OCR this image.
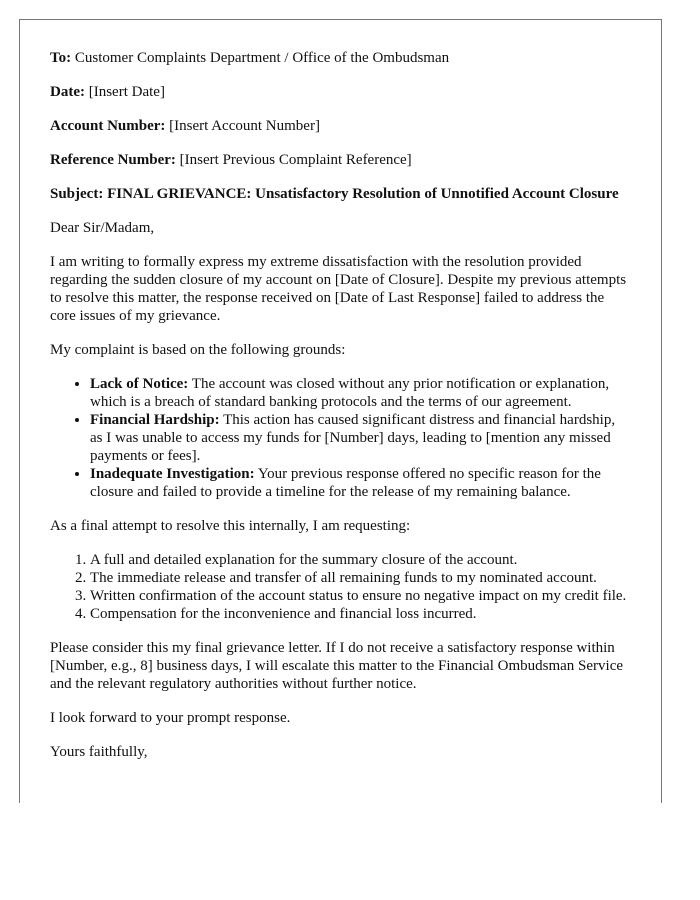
To: Customer Complaints Department / Office of the Ombudsman
Date: [Insert Date]
Account Number: [Insert Account Number]
Reference Number: [Insert Previous Complaint Reference]
Subject: FINAL GRIEVANCE: Unsatisfactory Resolution of Unnotified Account Closure
Dear Sir/Madam,
I am writing to formally express my extreme dissatisfaction with the resolution provided regarding the sudden closure of my account on [Date of Closure]. Despite my previous attempts to resolve this matter, the response received on [Date of Last Response] failed to address the core issues of my grievance.
My complaint is based on the following grounds:
• Lack of Notice: The account was closed without any prior notification or explanation, which is a breach of standard banking protocols and the terms of our agreement.
• Financial Hardship: This action has caused significant distress and financial hardship, as I was unable to access my funds for [Number] days, leading to [mention any missed payments or fees].
• Inadequate Investigation: Your previous response offered no specific reason for the closure and failed to provide a timeline for the release of my remaining balance.
As a final attempt to resolve this internally, I am requesting:
1. A full and detailed explanation for the summary closure of the account.
2. The immediate release and transfer of all remaining funds to my nominated account.
3. Written confirmation of the account status to ensure no negative impact on my credit file.
4. Compensation for the inconvenience and financial loss incurred.
Please consider this my final grievance letter. If I do not receive a satisfactory response within [Number, e.g., 8] business days, I will escalate this matter to the Financial Ombudsman Service and the relevant regulatory authorities without further notice.
I look forward to your prompt response.
Yours faithfully,
